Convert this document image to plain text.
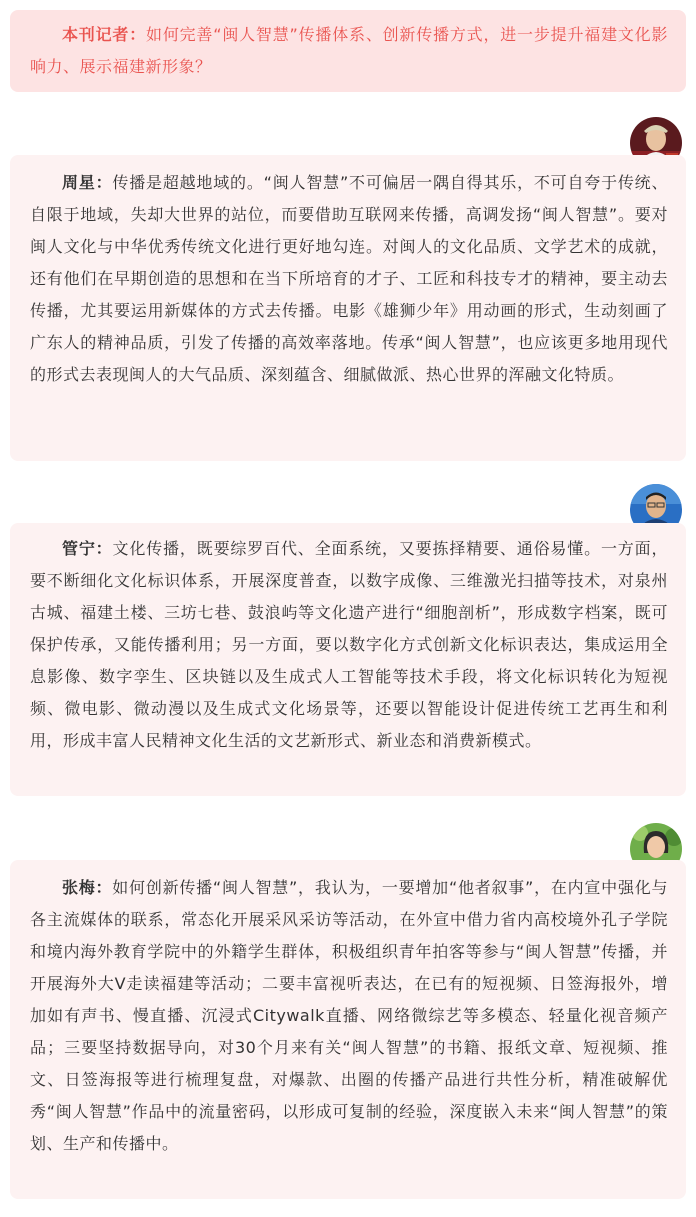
本刊记者：如何完善“闽人智慧”传播体系、创新传播方式，进一步提升福建文化影响力、展示福建新形象？

周星：传播是超越地域的。“闽人智慧”不可偏居一隅自得其乐，不可自夸于传统、自限于地域，失却大世界的站位，而要借助互联网来传播，高调发扬“闽人智慧”。要对闽人文化与中华优秀传统文化进行更好地勾连。对闽人的文化品质、文学艺术的成就，还有他们在早期创造的思想和在当下所培育的才子、工匠和科技专才的精神，要主动去传播，尤其要运用新媒体的方式去传播。电影《雄狮少年》用动画的形式，生动刻画了广东人的精神品质，引发了传播的高效率落地。传承“闽人智慧”，也应该更多地用现代的形式去表现闽人的大气品质、深刻蕴含、细腻做派、热心世界的浑融文化特质。

管宁：文化传播，既要综罗百代、全面系统，又要拣择精要、通俗易懂。一方面，要不断细化文化标识体系，开展深度普查，以数字成像、三维激光扫描等技术，对泉州古城、福建土楼、三坊七巷、鼓浪屿等文化遗产进行“细胞剖析”，形成数字档案，既可保护传承，又能传播利用；另一方面，要以数字化方式创新文化标识表达，集成运用全息影像、数字孪生、区块链以及生成式人工智能等技术手段，将文化标识转化为短视频、微电影、微动漫以及生成式文化场景等，还要以智能设计促进传统工艺再生和利用，形成丰富人民精神文化生活的文艺新形式、新业态和消费新模式。

张梅：如何创新传播“闽人智慧”，我认为，一要增加“他者叙事”，在内宣中强化与各主流媒体的联系，常态化开展采风采访等活动，在外宣中借力省内高校境外孔子学院和境内海外教育学院中的外籍学生群体，积极组织青年拍客等参与“闽人智慧”传播，并开展海外大V走读福建等活动；二要丰富视听表达，在已有的短视频、日签海报外，增加如有声书、慢直播、沉浸式Citywalk直播、网络微综艺等多模态、轻量化视音频产品；三要坚持数据导向，对30个月来有关“闽人智慧”的书籍、报纸文章、短视频、推文、日签海报等进行梳理复盘，对爆款、出圈的传播产品进行共性分析，精准破解优秀“闽人智慧”作品中的流量密码，以形成可复制的经验，深度嵌入未来“闽人智慧”的策划、生产和传播中。
